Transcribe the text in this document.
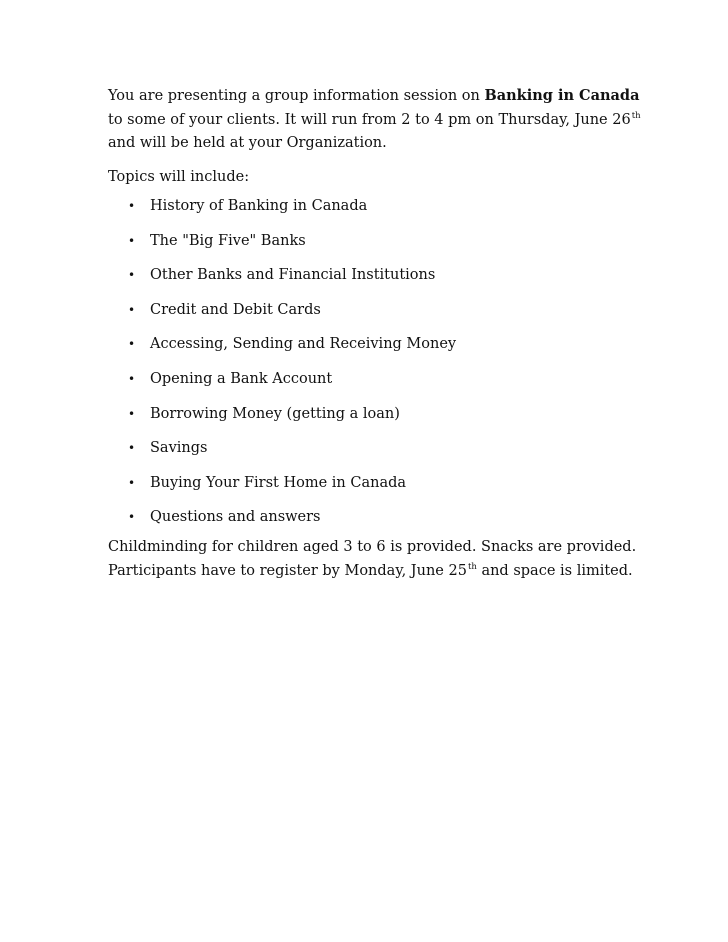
You are presenting a group information session on Banking in Canada
to some of your clients. It will run from 2 to 4 pm on Thursday, June 26th
and will be held at your Organization.

Topics will include:

• History of Banking in Canada
• The "Big Five" Banks
• Other Banks and Financial Institutions
• Credit and Debit Cards
• Accessing, Sending and Receiving Money
• Opening a Bank Account
• Borrowing Money (getting a loan)
• Savings
• Buying Your First Home in Canada
• Questions and answers

Childminding for children aged 3 to 6 is provided. Snacks are provided.
Participants have to register by Monday, June 25th and space is limited.
